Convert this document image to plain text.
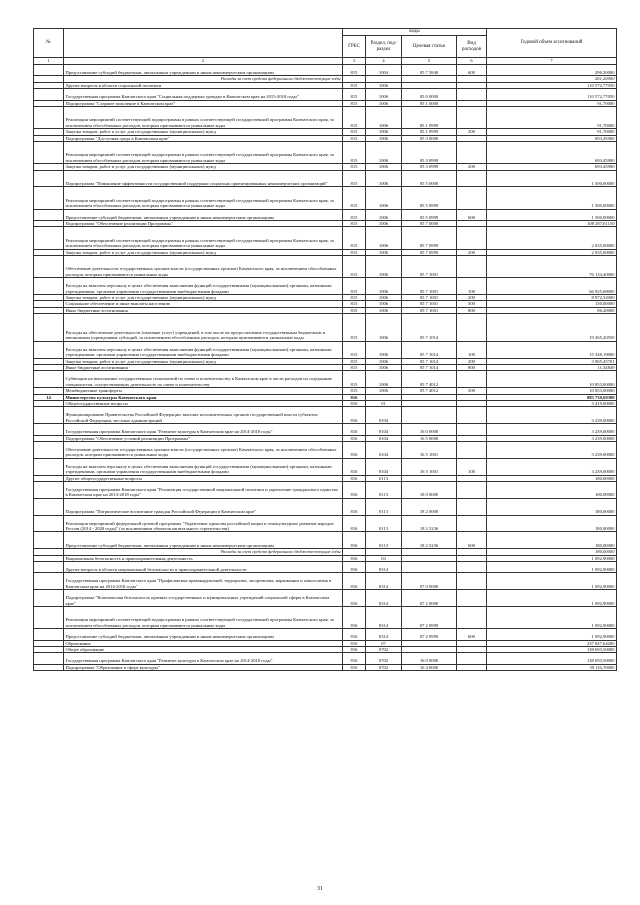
№		коды				Годовой объем ассигнований
		ГРБС	Раздел, под-раздел	Целевая статья	Вид расходов	
1	2	3	4	5	6	7
	Предоставление субсидий бюджетным, автономным учреждениям и иным некоммерческим организациям	815	1004	05 7 5840	600	296,50000
	Расходы за счет средств федерального бюджета-текущие годы					261,20000
	Другие вопросы в области социальной политики	815	1006			110 572,77050
	Государственная программа Камчатского края "Социальная поддержка граждан в Камчатском крае на 2015-2018 годы"	815	1006	05 0 0000		110 572,77050
	Подпрограмма "Старшее поколение в Камчатском крае"	815	1006	05 1 0000		91,70000
	Реализация мероприятий соответствующей подпрограммы в рамках соответствующей государственной программы Камчатского края, за исключением обособленных расходов, которым присваиваются уникальные коды	815	1006	05 1 0999		91,70000
	Закупка товаров, работ и услуг для государственных (муниципальных) нужд	815	1006	05 1 0999	200	91,70000
	Подпрограмма "Доступная среда в Камчатском крае"	815	1006	05 3 0000		693,45900
	Реализация мероприятий соответствующей подпрограммы в рамках соответствующей государственной программы Камчатского края, за исключением обособленных расходов, которым присваиваются уникальные коды	815	1006	05 3 0999		693,45900
	Закупка товаров, работ и услуг для государственных (муниципальных) нужд	815	1006	05 3 0999	200	693,45900
	Подпрограмма "Повышение эффективности государственной поддержки социально ориентированных некоммерческих организаций"	815	1006	05 5 0000		1 500,00000
	Реализация мероприятий соответствующей подпрограммы в рамках соответствующей государственной программы Камчатского края, за исключением обособленных расходов, которым присваиваются уникальные коды	815	1006	05 5 0999		1 500,00000
	Предоставление субсидий бюджетным, автономным учреждениям и иным некоммерческим организациям	815	1006	05 5 0999	600	1 500,00000
	Подпрограмма "Обеспечение реализации Программы"	815	1006	05 7 0000		108 287,61150
	Реализация мероприятий соответствующей подпрограммы в рамках соответствующей государственной программы Камчатского края, за исключением обособленных расходов, которым присваиваются уникальные коды	815	1006	05 7 0999		2 035,00000
	Закупка товаров, работ и услуг для государственных (муниципальных) нужд	815	1006	05 7 0999	200	2 035,00000
	Обеспечение деятельности государственных органов власти (государственных органов) Камчатского края, за исключением обособленных расходов, которым присваиваются уникальные коды	815	1006	05 7 1001		76 134,40000
	Расходы на выплаты персоналу в целях обеспечения выполнения функций государственными (муниципальными) органами, казенными учреждениями, органами управления государственными внебюджетными фондами	815	1006	05 7 1001	100	66 925,68000
	Закупка товаров, работ и услуг для государственных (муниципальных) нужд	815	1006	05 7 1001	200	8 972,52000
	Социальное обеспечение и иные выплаты населению	815	1006	05 7 1001	300	150,00000
	Иные бюджетные ассигнования	815	1006	05 7 1001	800	86,20000
	Расходы на обеспечение деятельности (оказание услуг) учреждений, в том числе на предоставление государственным бюджетным и автономным учреждениям субсидий, за исключением обособленных расходов, которым присваиваются уникальные коды	815	1006	05 7 1014		19 265,20550
	Расходы на выплаты персоналу в целях обеспечения выполнения функций государственными (муниципальными) органами, казенными учреждениями, органами управления государственными внебюджетными фондами	815	1006	05 7 1014	100	15 348,19000
	Закупка товаров, работ и услуг для государственных (муниципальных) нужд	815	1006	05 7 1014	200	3 905,45701
	Иные бюджетные ассигнования	815	1006	05 7 1014	800	11,54849
	Субвенции на выполнение государственных полномочий по опеке и попечительству в Камчатском крае в части расходов на содержание специалистов, осуществляющих деятельность по опеке и попечительству	815	1006	05 7 4012		10 853,00000
	Межбюджетные трансферты	815	1006	05 7 4012	500	10 853,00000
14	Министерство культуры Камчатского края	816				885 730,69380
	Общегосударственные вопросы	816	01			3 419,00000
	Функционирование Правительства Российской Федерации, высших исполнительных органов государственной власти субъектов Российской Федерации, местных администраций	816	0104			3 239,00000
	Государственная программа Камчатского края "Развитие культуры в Камчатском крае на 2014-2018 годы"	816	0104	16 0 0000		3 239,00000
	Подпрограмма "Обеспечение условий реализации Программы"	816	0104	16 5 0000		3 239,00000
	Обеспечение деятельности государственных органов власти (государственных органов) Камчатского края, за исключением обособленных расходов, которым присваиваются уникальные коды	816	0104	16 5 1001		3 239,00000
	Расходы на выплаты персоналу в целях обеспечения выполнения функций государственными (муниципальными) органами, казенными учреждениями, органами управления государственными внебюджетными фондами	816	0104	16 5 1001	100	3 239,00000
	Другие общегосударственные вопросы	816	0113			180,00000
	Государственная программа Камчатского края "Реализация государственной национальной политики и укрепление гражданского единства в Камчатском крае на 2014-2018 годы"	816	0113	18 0 0000		180,00000
	Подпрограмма "Патриотическое воспитание граждан Российской Федерации в Камчатском крае"	816	0113	18 2 0000		180,00000
	Реализация мероприятий федеральной целевой программы "Укрепление единства российской нации и этнокультурное развитие народов России (2014 - 2020 годы)" (за исключением объектов капитального строительства)	816	0113	18 2 5236		180,00000
	Предоставление субсидий бюджетным, автономным учреждениям и иным некоммерческим организациям	816	0113	18 2 5236	600	180,00000
	Расходы за счет средств федерального бюджета-текущие годы					180,00000
	Национальная безопасность и правоохранительная деятельность	816	03			1 092,90000
	Другие вопросы в области национальной безопасности и правоохранительной деятельности	816	0314			1 092,90000
	Государственная программа Камчатского края "Профилактика правонарушений, терроризма, экстремизма, наркомании и алкоголизма в Камчатском крае на 2014-2018 годы"	816	0314	07 0 0000		1 092,90000
	Подпрограмма "Комплексная безопасность краевых государственных и муниципальных учреждений социальной сферы в Камчатском крае"	816	0314	07 2 0000		1 092,90000
	Реализация мероприятий соответствующей подпрограммы в рамках соответствующей государственной программы Камчатского края, за исключением обособленных расходов, которым присваиваются уникальные коды	816	0314	07 2 0999		1 092,90000
	Предоставление субсидий бюджетным, автономным учреждениям и иным некоммерческим организациям	816	0314	07 2 0999	600	1 092,90000
	Образование	816	07			237 847,64200
	Общее образование	816	0702			138 693,50000
	Государственная программа Камчатского края "Развитие культуры в Камчатском крае на 2014-2018 годы"	816	0702	16 0 0000		138 693,50000
	Подпрограмма "Образование в сфере культуры"	816	0702	16 4 0000		39 116,70000
31
